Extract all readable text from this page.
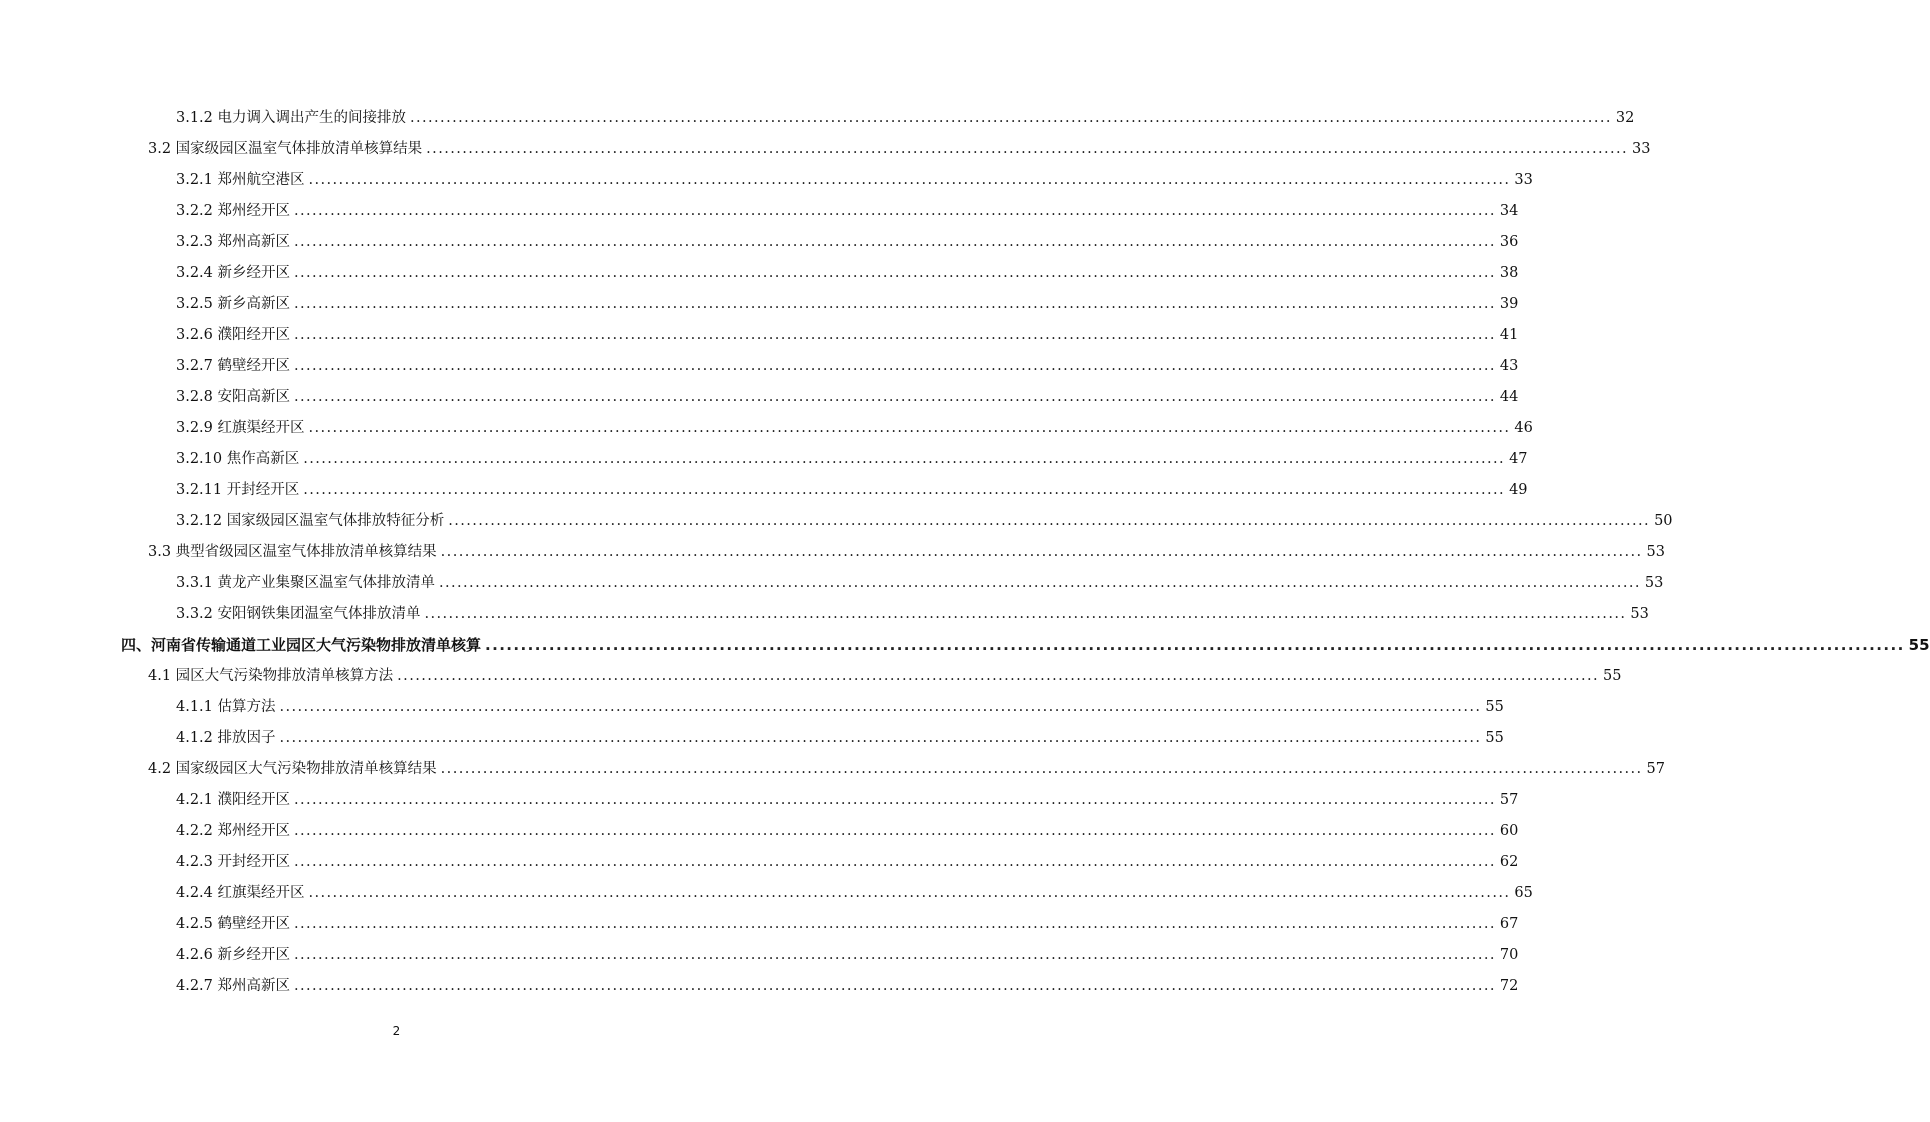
3.1.2 电力调入调出产生的间接排放 ........................................................................................................................................................................................................ 32
3.2 国家级园区温室气体排放清单核算结果 ........................................................................................................................................................................................................ 33
3.2.1 郑州航空港区 ........................................................................................................................................................................................................ 33
3.2.2 郑州经开区 ........................................................................................................................................................................................................ 34
3.2.3 郑州高新区 ........................................................................................................................................................................................................ 36
3.2.4 新乡经开区 ........................................................................................................................................................................................................ 38
3.2.5 新乡高新区 ........................................................................................................................................................................................................ 39
3.2.6 濮阳经开区 ........................................................................................................................................................................................................ 41
3.2.7 鹤壁经开区 ........................................................................................................................................................................................................ 43
3.2.8 安阳高新区 ........................................................................................................................................................................................................ 44
3.2.9 红旗渠经开区 ........................................................................................................................................................................................................ 46
3.2.10 焦作高新区 ........................................................................................................................................................................................................ 47
3.2.11 开封经开区 ........................................................................................................................................................................................................ 49
3.2.12 国家级园区温室气体排放特征分析 ........................................................................................................................................................................................................ 50
3.3 典型省级园区温室气体排放清单核算结果 ........................................................................................................................................................................................................ 53
3.3.1 黄龙产业集聚区温室气体排放清单 ........................................................................................................................................................................................................ 53
3.3.2 安阳钢铁集团温室气体排放清单 ........................................................................................................................................................................................................ 53
四、河南省传输通道工业园区大气污染物排放清单核算 ........................................................................................................................................................................................................ 55
4.1 园区大气污染物排放清单核算方法 ........................................................................................................................................................................................................ 55
4.1.1 估算方法 ........................................................................................................................................................................................................ 55
4.1.2 排放因子 ........................................................................................................................................................................................................ 55
4.2 国家级园区大气污染物排放清单核算结果 ........................................................................................................................................................................................................ 57
4.2.1 濮阳经开区 ........................................................................................................................................................................................................ 57
4.2.2 郑州经开区 ........................................................................................................................................................................................................ 60
4.2.3 开封经开区 ........................................................................................................................................................................................................ 62
4.2.4 红旗渠经开区 ........................................................................................................................................................................................................ 65
4.2.5 鹤壁经开区 ........................................................................................................................................................................................................ 67
4.2.6 新乡经开区 ........................................................................................................................................................................................................ 70
4.2.7 郑州高新区 ........................................................................................................................................................................................................ 72
2
